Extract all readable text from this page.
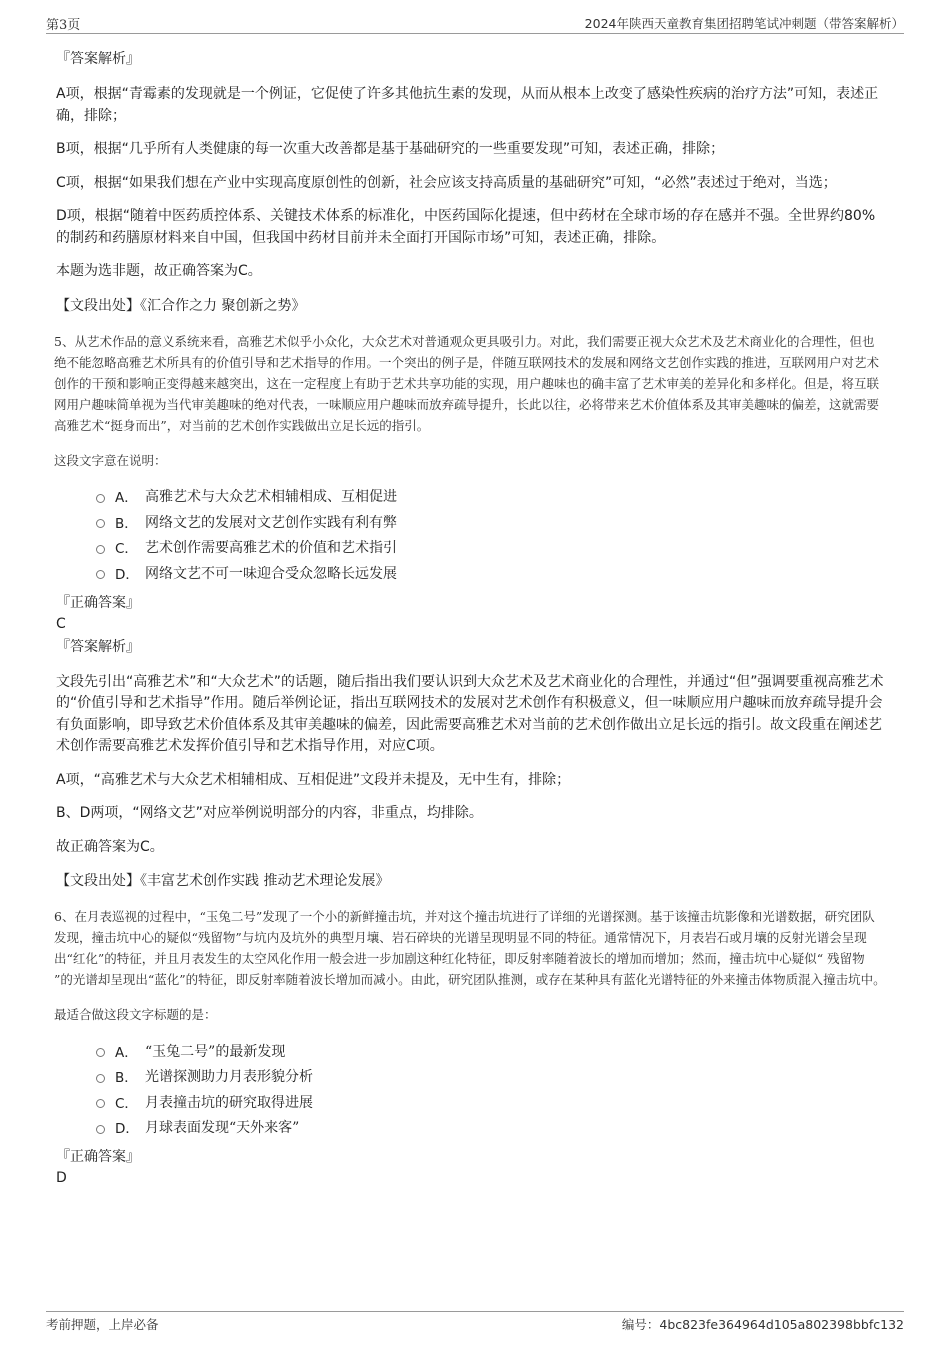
第3页	2024年陕西天童教育集团招聘笔试冲刺题（带答案解析）
『答案解析』
A项，根据“青霉素的发现就是一个例证，它促使了许多其他抗生素的发现，从而从根本上改变了感染性疾病的治疗方法”可知，表述正确，排除；
B项，根据“几乎所有人类健康的每一次重大改善都是基于基础研究的一些重要发现”可知，表述正确，排除；
C项，根据“如果我们想在产业中实现高度原创性的创新，社会应该支持高质量的基础研究”可知，“必然”表述过于绝对，当选；
D项，根据“随着中医药质控体系、关键技术体系的标准化，中医药国际化提速，但中药材在全球市场的存在感并不强。全世界约80%的制药和药膳原材料来自中国，但我国中药材目前并未全面打开国际市场”可知，表述正确，排除。
本题为选非题，故正确答案为C。
【文段出处】《汇合作之力 聚创新之势》
5、从艺术作品的意义系统来看，高雅艺术似乎小众化，大众艺术对普通观众更具吸引力。对此，我们需要正视大众艺术及艺术商业化的合理性，但也绝不能忽略高雅艺术所具有的价值引导和艺术指导的作用。一个突出的例子是，伴随互联网技术的发展和网络文艺创作实践的推进，互联网用户对艺术创作的干预和影响正变得越来越突出，这在一定程度上有助于艺术共享功能的实现，用户趣味也的确丰富了艺术审美的差异化和多样化。但是，将互联网用户趣味简单视为当代审美趣味的绝对代表，一味顺应用户趣味而放弃疏导提升，长此以往，必将带来艺术价值体系及其审美趣味的偏差，这就需要高雅艺术“挺身而出”，对当前的艺术创作实践做出立足长远的指引。
这段文字意在说明：
A． 高雅艺术与大众艺术相辅相成、互相促进
B． 网络文艺的发展对文艺创作实践有利有弊
C． 艺术创作需要高雅艺术的价值和艺术指引
D． 网络文艺不可一味迎合受众忽略长远发展
『正确答案』
C
『答案解析』
文段先引出“高雅艺术”和“大众艺术”的话题，随后指出我们要认识到大众艺术及艺术商业化的合理性，并通过“但”强调要重视高雅艺术的“价值引导和艺术指导”作用。随后举例论证，指出互联网技术的发展对艺术创作有积极意义，但一味顺应用户趣味而放弃疏导提升会有负面影响，即导致艺术价值体系及其审美趣味的偏差，因此需要高雅艺术对当前的艺术创作做出立足长远的指引。故文段重在阐述艺术创作需要高雅艺术发挥价值引导和艺术指导作用，对应C项。
A项，“高雅艺术与大众艺术相辅相成、互相促进”文段并未提及，无中生有，排除；
B、D两项，“网络文艺”对应举例说明部分的内容，非重点，均排除。
故正确答案为C。
【文段出处】《丰富艺术创作实践 推动艺术理论发展》
6、在月表巡视的过程中，“玉兔二号”发现了一个小的新鲜撞击坑，并对这个撞击坑进行了详细的光谱探测。基于该撞击坑影像和光谱数据，研究团队发现，撞击坑中心的疑似“残留物”与坑内及坑外的典型月壤、岩石碎块的光谱呈现明显不同的特征。通常情况下，月表岩石或月壤的反射光谱会呈现出“红化”的特征，并且月表发生的太空风化作用一般会进一步加剧这种红化特征，即反射率随着波长的增加而增加；然而，撞击坑中心疑似“ 残留物 ”的光谱却呈现出“蓝化”的特征，即反射率随着波长增加而减小。由此，研究团队推测，或存在某种具有蓝化光谱特征的外来撞击体物质混入撞击坑中。
最适合做这段文字标题的是：
A． “玉兔二号”的最新发现
B． 光谱探测助力月表形貌分析
C． 月表撞击坑的研究取得进展
D． 月球表面发现“天外来客”
『正确答案』
D
考前押题，上岸必备	编号：4bc823fe364964d105a802398bbfc132
